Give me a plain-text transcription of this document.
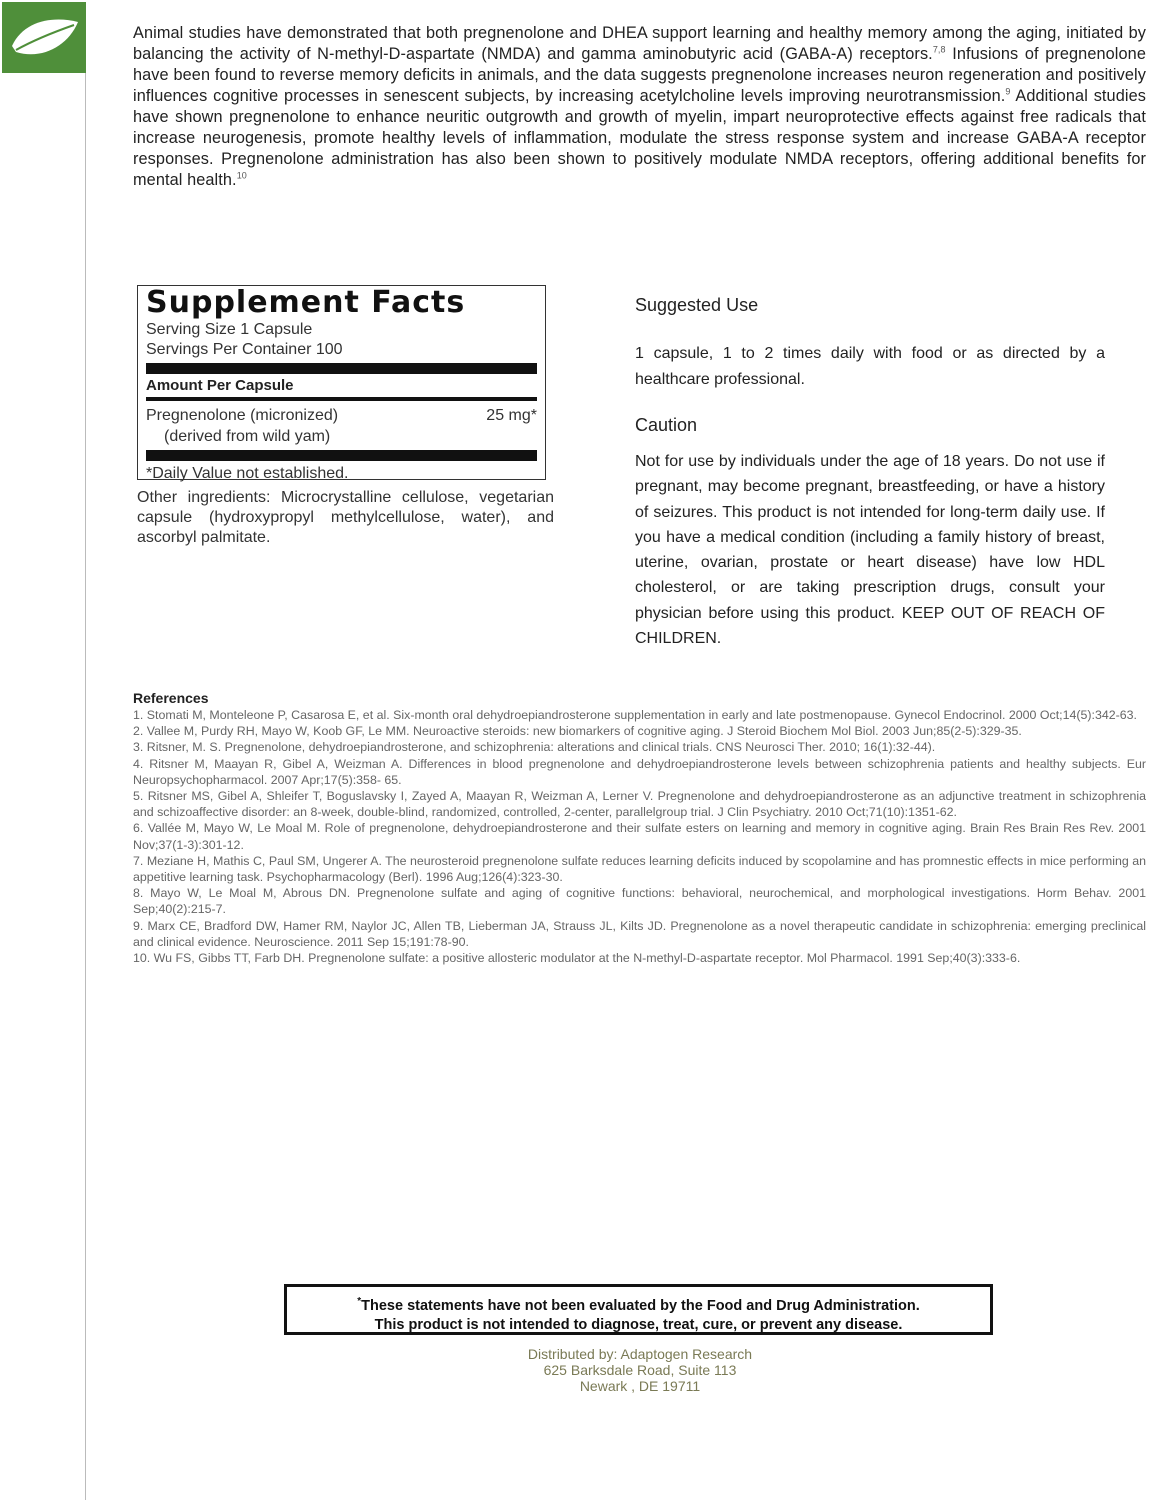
Animal studies have demonstrated that both pregnenolone and DHEA support learning and healthy memory among the aging, initiated by balancing the activity of N-methyl-D-aspartate (NMDA) and gamma aminobutyric acid (GABA-A) receptors.$^{7,8}$ Infusions of pregnenolone have been found to reverse memory deficits in animals, and the data suggests pregnenolone increases neuron regeneration and positively influences cognitive processes in senescent subjects, by increasing acetylcholine levels improving neurotransmission.$^9$ Additional studies have shown pregnenolone to enhance neuritic outgrowth and growth of myelin, impart neuroprotective effects against free radicals that increase neurogenesis, promote healthy levels of inflammation, modulate the stress response system and increase GABA-A receptor responses. Pregnenolone administration has also been shown to positively modulate NMDA receptors, offering additional benefits for mental health.$^{10}$

Supplement Facts

Serving Size 1 Capsule

Servings Per Container 100

Amount Per Capsule

Pregnenolone (micronized)	25 mg*
(derived from wild yam)

*Daily Value not established.

Other ingredients: Microcrystalline cellulose, vegetarian capsule (hydroxypropyl methylcellulose, water), and ascorbyl palmitate.

Suggested Use

1 capsule, 1 to 2 times daily with food or as directed by a healthcare professional.

Caution

Not for use by individuals under the age of 18 years. Do not use if pregnant, may become pregnant, breastfeeding, or have a history of seizures. This product is not intended for long-term daily use. If you have a medical condition (including a family history of breast, uterine, ovarian, prostate or heart disease) have low HDL cholesterol, or are taking prescription drugs, consult your physician before using this product. KEEP OUT OF REACH OF CHILDREN.

References

1. Stomati M, Monteleone P, Casarosa E, et al. Six-month oral dehydroepiandrosterone supplementation in early and late postmenopause. Gynecol Endocrinol. 2000 Oct;14(5):342-63.
2. Vallee M, Purdy RH, Mayo W, Koob GF, Le MM. Neuroactive steroids: new biomarkers of cognitive aging. J Steroid Biochem Mol Biol. 2003 Jun;85(2-5):329-35.
3. Ritsner, M. S. Pregnenolone, dehydroepiandrosterone, and schizophrenia: alterations and clinical trials. CNS Neurosci Ther. 2010; 16(1):32-44).
4. Ritsner M, Maayan R, Gibel A, Weizman A. Differences in blood pregnenolone and dehydroepiandrosterone levels between schizophrenia patients and healthy subjects. Eur Neuropsychopharmacol. 2007 Apr;17(5):358- 65.
5. Ritsner MS, Gibel A, Shleifer T, Boguslavsky I, Zayed A, Maayan R, Weizman A, Lerner V. Pregnenolone and dehydroepiandrosterone as an adjunctive treatment in schizophrenia and schizoaffective disorder: an 8-week, double-blind, randomized, controlled, 2-center, parallelgroup trial. J Clin Psychiatry. 2010 Oct;71(10):1351-62.
6. Vallée M, Mayo W, Le Moal M. Role of pregnenolone, dehydroepiandrosterone and their sulfate esters on learning and memory in cognitive aging. Brain Res Brain Res Rev. 2001 Nov;37(1-3):301-12.
7. Meziane H, Mathis C, Paul SM, Ungerer A. The neurosteroid pregnenolone sulfate reduces learning deficits induced by scopolamine and has promnestic effects in mice performing an appetitive learning task. Psychopharmacology (Berl). 1996 Aug;126(4):323-30.
8. Mayo W, Le Moal M, Abrous DN. Pregnenolone sulfate and aging of cognitive functions: behavioral, neurochemical, and morphological investigations. Horm Behav. 2001 Sep;40(2):215-7.
9. Marx CE, Bradford DW, Hamer RM, Naylor JC, Allen TB, Lieberman JA, Strauss JL, Kilts JD. Pregnenolone as a novel therapeutic candidate in schizophrenia: emerging preclinical and clinical evidence. Neuroscience. 2011 Sep 15;191:78-90.
10. Wu FS, Gibbs TT, Farb DH. Pregnenolone sulfate: a positive allosteric modulator at the N-methyl-D-aspartate receptor. Mol Pharmacol. 1991 Sep;40(3):333-6.
*These statements have not been evaluated by the Food and Drug Administration.
This product is not intended to diagnose, treat, cure, or prevent any disease.
Distributed by: Adaptogen Research
625 Barksdale Road, Suite 113
Newark , DE 19711
